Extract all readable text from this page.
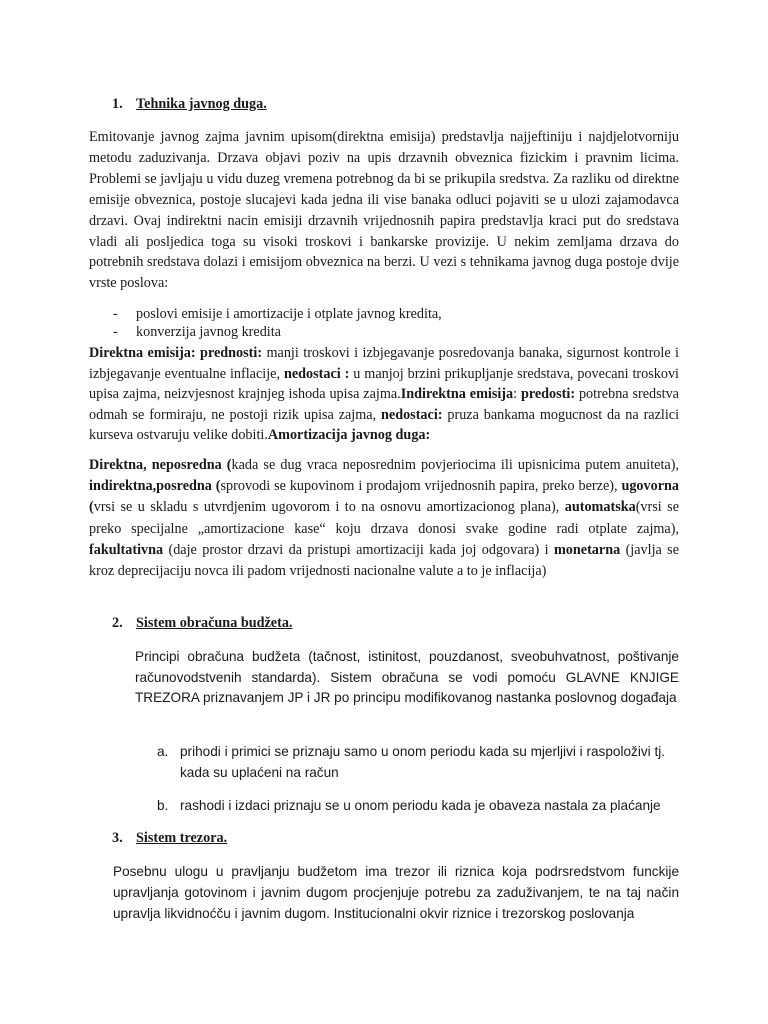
1. Tehnika javnog duga.
Emitovanje javnog zajma javnim upisom(direktna emisija) predstavlja najjeftiniju i najdjelotvorniju metodu zaduzivanja. Drzava objavi poziv na upis drzavnih obveznica fizickim i pravnim licima. Problemi se javljaju u vidu duzeg vremena potrebnog da bi se prikupila sredstva. Za razliku od direktne emisije obveznica, postoje slucajevi kada jedna ili vise banaka odluci pojaviti se u ulozi zajamodavca drzavi. Ovaj indirektni nacin emisiji drzavnih vrijednosnih papira predstavlja kraci put do sredstava vladi ali posljedica toga su visoki troskovi i bankarske provizije. U nekim zemljama drzava do potrebnih sredstava dolazi i emisijom obveznica na berzi. U vezi s tehnikama javnog duga postoje dvije vrste poslova:
- poslovi emisije i amortizacije i otplate javnog kredita,
- konverzija javnog kredita
Direktna emisija: prednosti: manji troskovi i izbjegavanje posredovanja banaka, sigurnost kontrole i izbjegavanje eventualne inflacije, nedostaci : u manjoj brzini prikupljanje sredstava, povecani troskovi upisa zajma, neizvjesnost krajnjeg ishoda upisa zajma.Indirektna emisija: predosti: potrebna sredstva odmah se formiraju, ne postoji rizik upisa zajma, nedostaci: pruza bankama mogucnost da na razlici kurseva ostvaruju velike dobiti.Amortizacija javnog duga:
Direktna, neposredna (kada se dug vraca neposrednim povjeriocima ili upisnicima putem anuiteta), indirektna,posredna (sprovodi se kupovinom i prodajom vrijednosnih papira, preko berze), ugovorna (vrsi se u skladu s utvrdjenim ugovorom i to na osnovu amortizacionog plana), automatska(vrsi se preko specijalne „amortizacione kase“ koju drzava donosi svake godine radi otplate zajma), fakultativna (daje prostor drzavi da pristupi amortizaciji kada joj odgovara) i monetarna (javlja se kroz deprecijaciju novca ili padom vrijednosti nacionalne valute a to je inflacija)
2. Sistem obračuna budžeta.
Principi obračuna budžeta (tačnost, istinitost, pouzdanost, sveobuhvatnost, poštivanje računovodstvenih standarda). Sistem obračuna se vodi pomoću GLAVNE KNJIGE TREZORA priznavanjem JP i JR po principu modifikovanog nastanka poslovnog događaja
a. prihodi i primici se priznaju samo u onom periodu kada su mjerljivi i raspoloživi tj. kada su uplaćeni na račun
b. rashodi i izdaci priznaju se u onom periodu kada je obaveza nastala za plaćanje
3. Sistem trezora.
Posebnu ulogu u pravljanju budžetom ima trezor ili riznica koja podrsredstvom funckije upravljanja gotovinom i javnim dugom procjenjuje potrebu za zaduživanjem, te na taj način upravlja likvidnoćču i javnim dugom. Institucionalni okvir riznice i trezorskog poslovanja
